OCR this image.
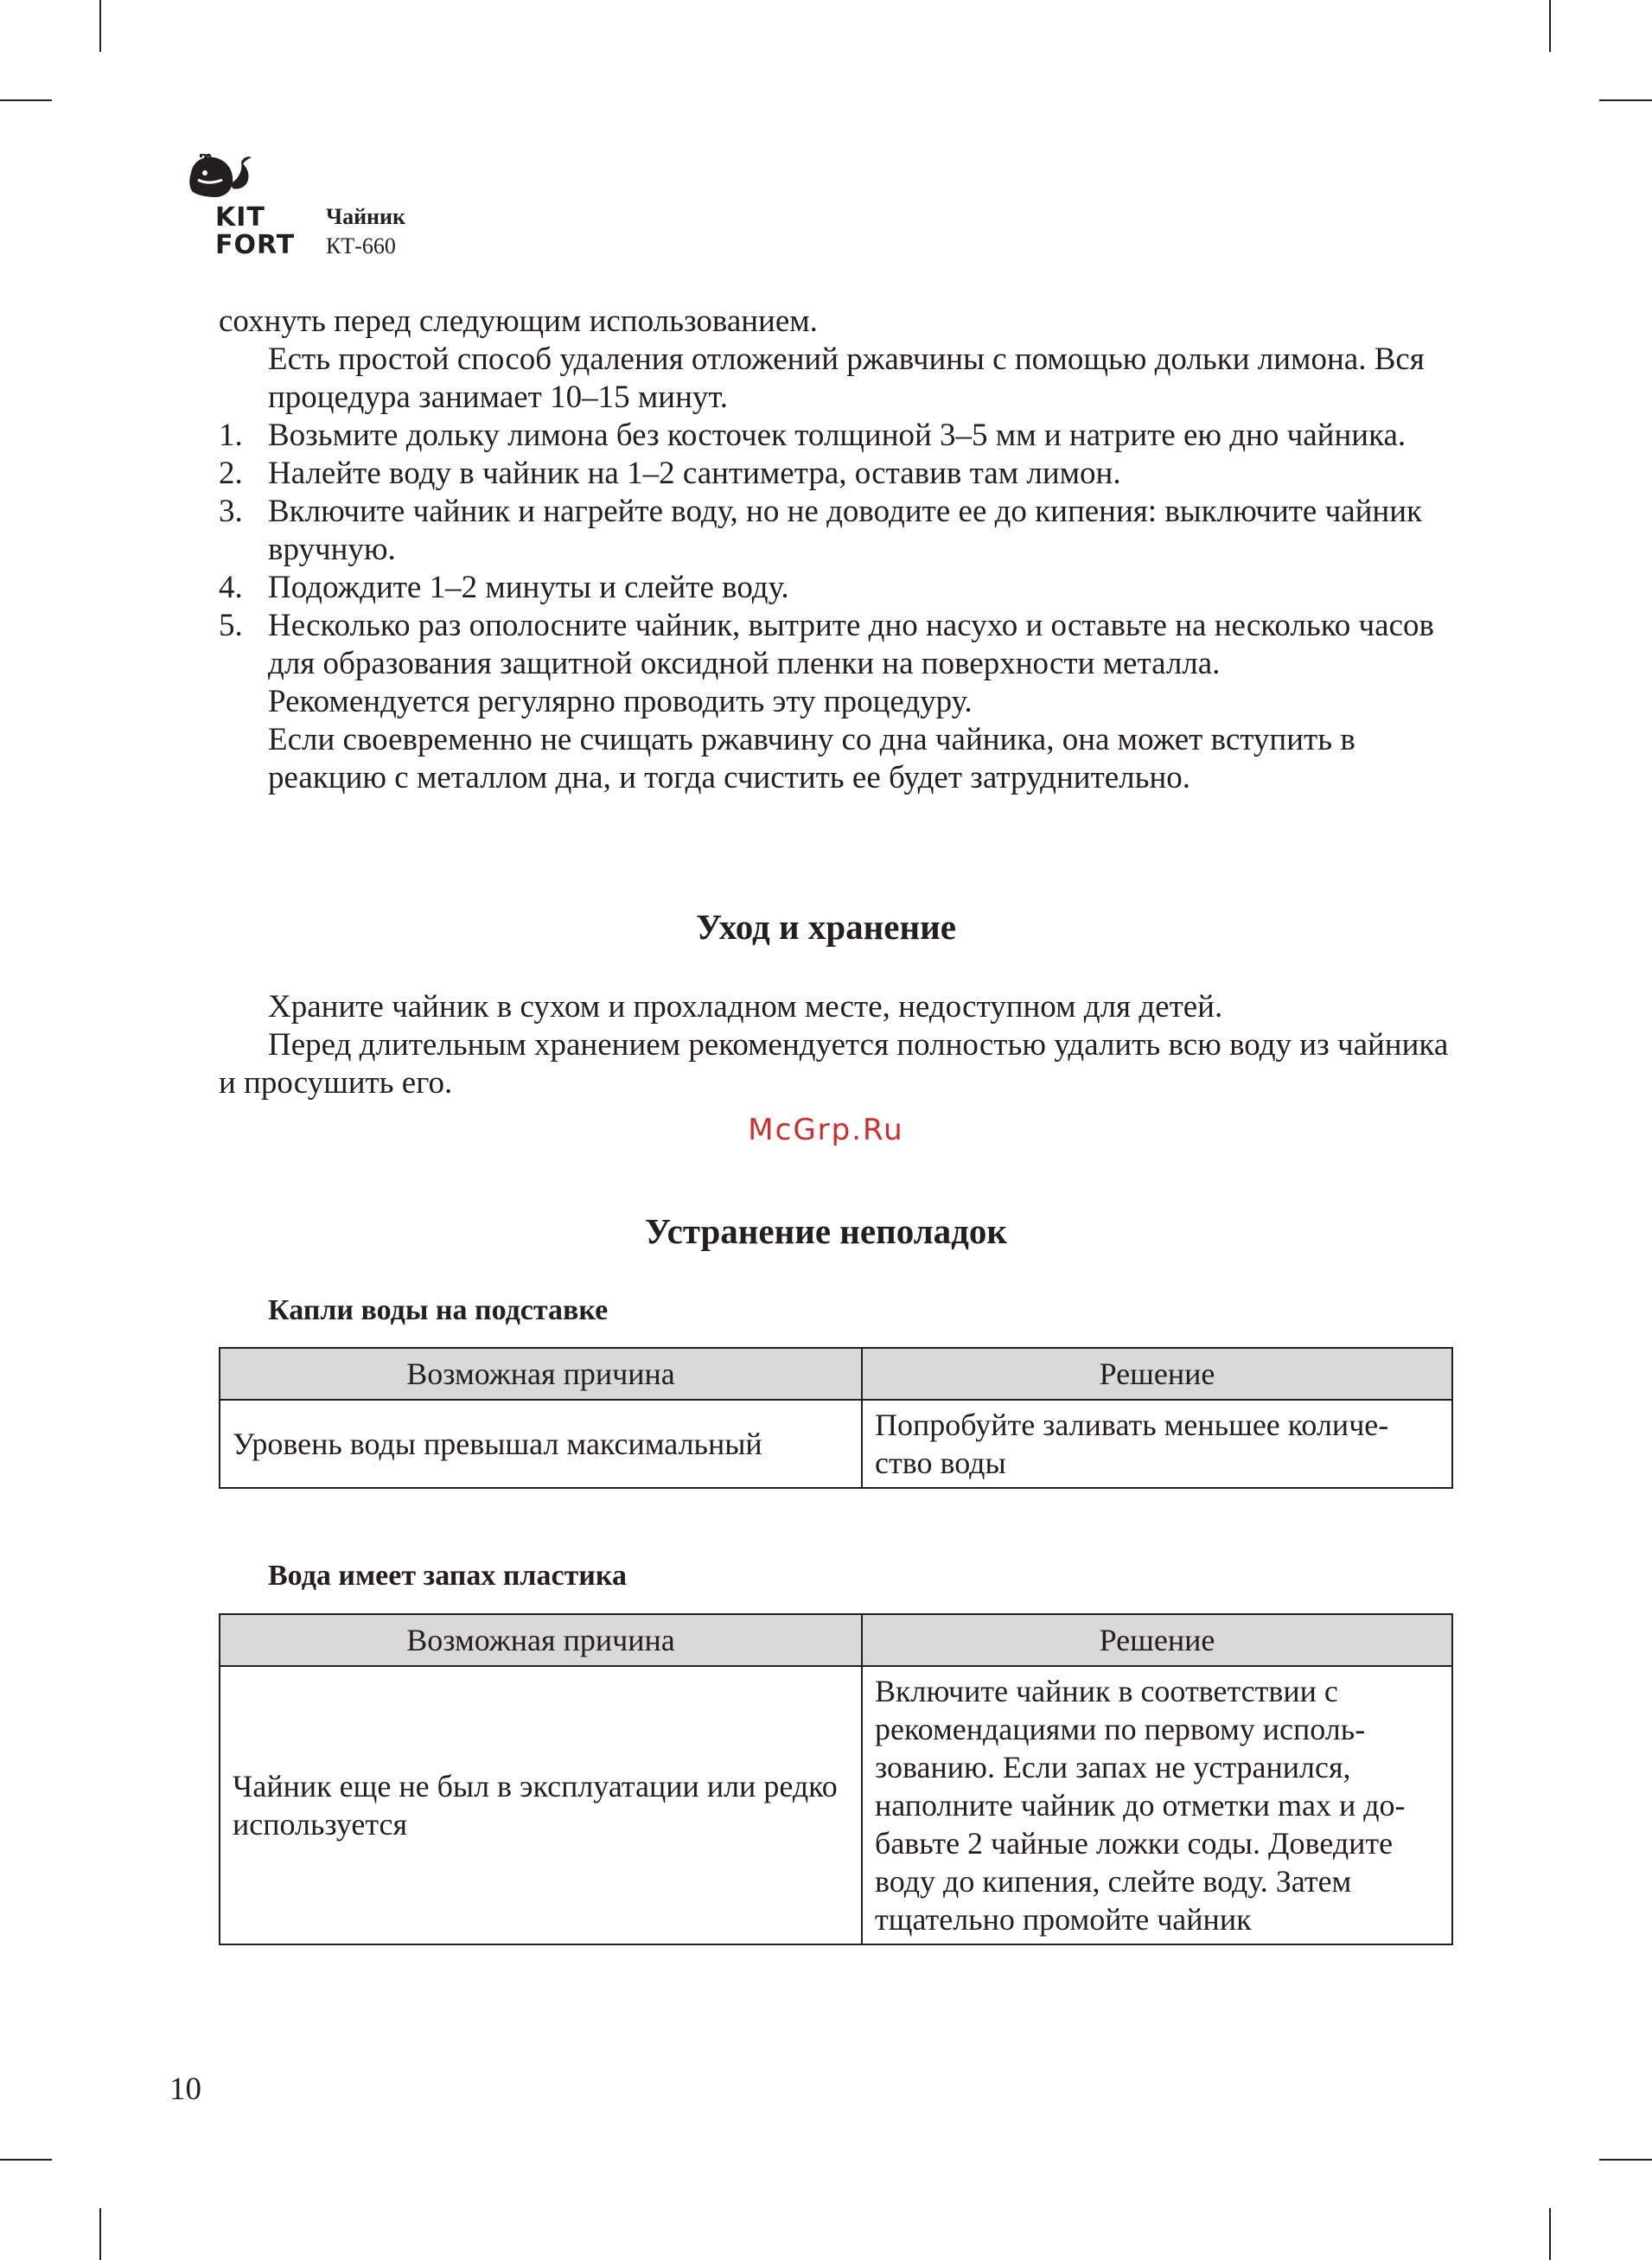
KIT
FORT
Чайник
КТ-660

сохнуть перед следующим использованием.

Есть простой способ удаления отложений ржавчины с помощью дольки лимона. Вся процедура занимает 10–15 минут.

1. Возьмите дольку лимона без косточек толщиной 3–5 мм и натрите ею дно чайника.
2. Налейте воду в чайник на 1–2 сантиметра, оставив там лимон.
3. Включите чайник и нагрейте воду, но не доводите ее до кипения: выключите чайник вручную.
4. Подождите 1–2 минуты и слейте воду.
5. Несколько раз ополосните чайник, вытрите дно насухо и оставьте на несколько часов для образования защитной оксидной пленки на поверхности металла.

Рекомендуется регулярно проводить эту процедуру.

Если своевременно не счищать ржавчину со дна чайника, она может вступить в реакцию с металлом дна, и тогда счистить ее будет затруднительно.

Уход и хранение

Храните чайник в сухом и прохладном месте, недоступном для детей.

Перед длительным хранением рекомендуется полностью удалить всю воду из чайника и просушить его.

McGrp.Ru
Устранение неполадок
Капли воды на подставке
Возможная причина	Решение
Уровень воды превышал максимальный	Попробуйте заливать меньшее количе-ство воды
Вода имеет запах пластика
Возможная причина	Решение
Чайник еще не был в эксплуатации или редко используется	Включите чайник в соответствии с рекомендациями по первому исполь-зованию. Если запах не устранился, наполните чайник до отметки max и до-бавьте 2 чайные ложки соды. Доведите воду до кипения, слейте воду. Затем тщательно промойте чайник
10
